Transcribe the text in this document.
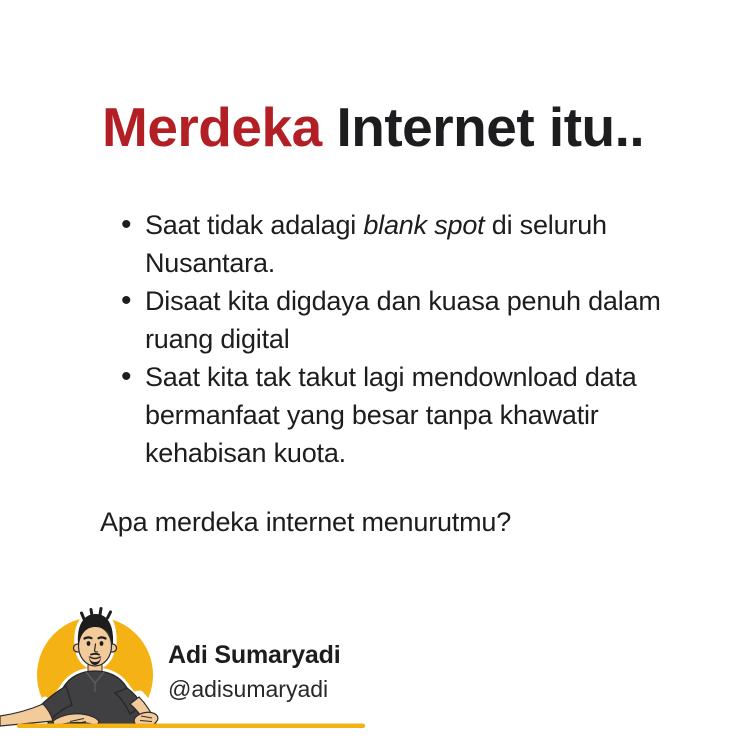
Merdeka Internet itu..
• Saat tidak adalagi blank spot di seluruh
Nusantara.
• Disaat kita digdaya dan kuasa penuh dalam
ruang digital
• Saat kita tak takut lagi mendownload data
bermanfaat yang besar tanpa khawatir
kehabisan kuota.
Apa merdeka internet menurutmu?
Adi Sumaryadi
@adisumaryadi
